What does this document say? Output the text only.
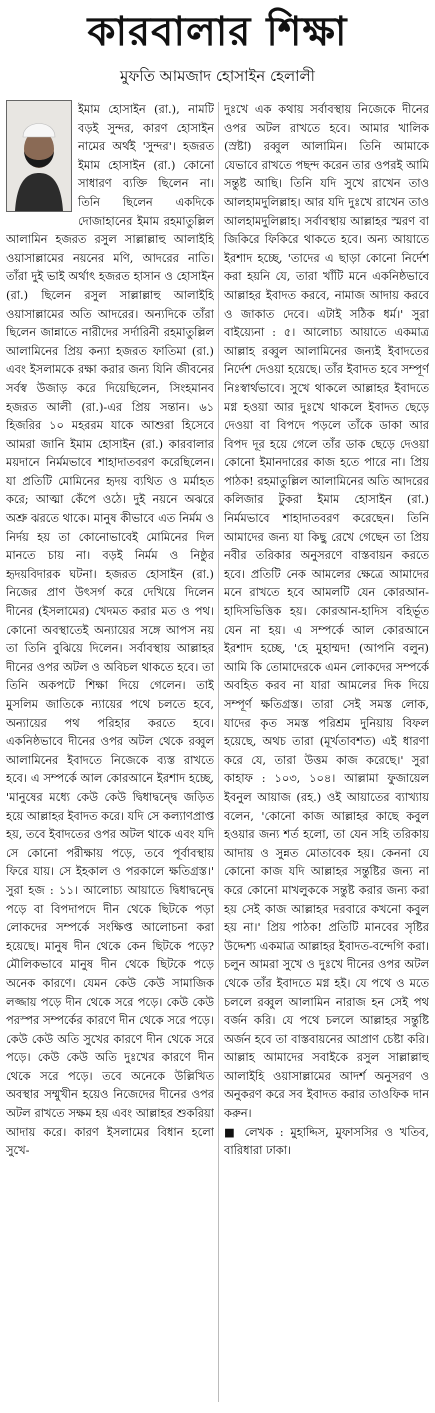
কারবালার শিক্ষা
মুফতি আমজাদ হোসাইন হেলালী

ইমাম হোসাইন (রা.), নামটি বড়ই সুন্দর, কারণ হোসাইন নামের অর্থই 'সুন্দর'। হজরত ইমাম হোসাইন (রা.) কোনো সাধারণ ব্যক্তি ছিলেন না। তিনি ছিলেন একদিকে দোজাহানের ইমাম রহমাতুল্লিল আলামিন হজরত রসুল সাল্লাল্লাহু আলাইহি ওয়াসাল্লামের নয়নের মণি, আদরের নাতি। তাঁরা দুই ভাই অর্থাৎ হজরত হাসান ও হোসাইন (রা.) ছিলেন রসুল সাল্লাল্লাহু আলাইহি ওয়াসাল্লামের অতি আদরের। অন্যদিকে তাঁরা ছিলেন জান্নাতে নারীদের সর্দারিনী রহমাতুল্লিল আলামিনের প্রিয় কন্যা হজরত ফাতিমা (রা.) এবং ইসলামকে রক্ষা করার জন্য যিনি জীবনের সর্বস্ব উজাড় করে দিয়েছিলেন, সিংহমানব হজরত আলী (রা.)-এর প্রিয় সন্তান। ৬১ হিজরির ১০ মহররম যাকে আশুরা হিসেবে আমরা জানি ইমাম হোসাইন (রা.) কারবালার ময়দানে নির্মমভাবে শাহাদাতবরণ করেছিলেন। যা প্রতিটি মোমিনের হৃদয় ব্যথিত ও মর্মাহত করে; আত্মা কেঁপে ওঠে। দুই নয়নে অঝরে অশ্রু ঝরতে থাকে। মানুষ কীভাবে এত নির্মম ও নির্দয় হয় তা কোনোভাবেই মোমিনের দিল মানতে চায় না। বড়ই নির্মম ও নিষ্ঠুর হৃদয়বিদারক ঘটনা। হজরত হোসাইন (রা.) নিজের প্রাণ উৎসর্গ করে দেখিয়ে দিলেন দীনের (ইসলামের) খেদমত করার মত ও পথ। কোনো অবস্থাতেই অন্যায়ের সঙ্গে আপস নয় তা তিনি বুঝিয়ে দিলেন। সর্বাবস্থায় আল্লাহর দীনের ওপর অটল ও অবিচল থাকতে হবে। তা তিনি অকপটে শিক্ষা দিয়ে গেলেন। তাই মুসলিম জাতিকে ন্যায়ের পথে চলতে হবে, অন্যায়ের পথ পরিহার করতে হবে। একনিষ্ঠভাবে দীনের ওপর অটল থেকে রব্বুল আলামিনের ইবাদতে নিজেকে ব্যস্ত রাখতে হবে। এ সম্পর্কে আল কোরআনে ইরশাদ হচ্ছে, 'মানুষের মধ্যে কেউ কেউ দ্বিধাদ্বন্দ্বে জড়িত হয়ে আল্লাহর ইবাদত করে। যদি সে কল্যাণপ্রাপ্ত হয়, তবে ইবাদতের ওপর অটল থাকে এবং যদি সে কোনো পরীক্ষায় পড়ে, তবে পূর্বাবস্থায় ফিরে যায়। সে ইহকাল ও পরকালে ক্ষতিগ্রস্ত।' সুরা হজ : ১১। আলোচ্য আয়াতে দ্বিধাদ্বন্দ্বে পড়ে বা বিপদাপদে দীন থেকে ছিটকে পড়া লোকদের সম্পর্কে সংক্ষিপ্ত আলোচনা করা হয়েছে। মানুষ দীন থেকে কেন ছিটকে পড়ে? মৌলিকভাবে মানুষ দীন থেকে ছিটকে পড়ে অনেক কারণে। যেমন কেউ কেউ সামাজিক লজ্জায় পড়ে দীন থেকে সরে পড়ে। কেউ কেউ পরস্পর সম্পর্কের কারণে দীন থেকে সরে পড়ে। কেউ কেউ অতি সুখের কারণে দীন থেকে সরে পড়ে। কেউ কেউ অতি দুঃখের কারণে দীন থেকে সরে পড়ে। তবে অনেকে উল্লিখিত অবস্থার সম্মুখীন হয়েও নিজেদের দীনের ওপর অটল রাখতে সক্ষম হয় এবং আল্লাহর শুকরিয়া আদায় করে। কারণ ইসলামের বিধান হলো সুখে-

দুঃখে এক কথায় সর্বাবস্থায় নিজেকে দীনের ওপর অটল রাখতে হবে। আমার খালিক (স্রষ্টা) রব্বুল আলামিন। তিনি আমাকে যেভাবে রাখতে পছন্দ করেন তার ওপরই আমি সন্তুষ্ট আছি। তিনি যদি সুখে রাখেন তাও আলহামদুলিল্লাহ। আর যদি দুঃখে রাখেন তাও আলহামদুলিল্লাহ। সর্বাবস্থায় আল্লাহর স্মরণ বা জিকিরে ফিকিরে থাকতে হবে। অন্য আয়াতে ইরশাদ হচ্ছে, 'তাদের এ ছাড়া কোনো নির্দেশ করা হয়নি যে, তারা খাঁটি মনে একনিষ্ঠভাবে আল্লাহর ইবাদত করবে, নামাজ আদায় করবে ও জাকাত দেবে। এটাই সঠিক ধর্ম।' সুরা বাইয়্যেনা : ৫। আলোচ্য আয়াতে একমাত্র আল্লাহ রব্বুল আলামিনের জন্যই ইবাদতের নির্দেশ দেওয়া হয়েছে। তাঁর ইবাদত হবে সম্পূর্ণ নিঃস্বার্থভাবে। সুখে থাকলে আল্লাহর ইবাদতে মগ্ন হওয়া আর দুঃখে থাকলে ইবাদত ছেড়ে দেওয়া বা বিপদে পড়লে তাঁকে ডাকা আর বিপদ দূর হয়ে গেলে তাঁর ডাক ছেড়ে দেওয়া কোনো ইমানদারের কাজ হতে পারে না। প্রিয় পাঠক! রহমাতুল্লিল আলামিনের অতি আদরের কলিজার টুকরা ইমাম হোসাইন (রা.) নির্মমভাবে শাহাদাতবরণ করেছেন। তিনি আমাদের জন্য যা কিছু রেখে গেছেন তা প্রিয় নবীর তরিকার অনুসরণে বাস্তবায়ন করতে হবে। প্রতিটি নেক আমলের ক্ষেত্রে আমাদের মনে রাখতে হবে আমলটি যেন কোরআন-হাদিসভিত্তিক হয়। কোরআন-হাদিস বহির্ভূত যেন না হয়। এ সম্পর্কে আল কোরআনে ইরশাদ হচ্ছে, 'হে মুহাম্মদ! (আপনি বলুন) আমি কি তোমাদেরকে এমন লোকদের সম্পর্কে অবহিত করব না যারা আমলের দিক দিয়ে সম্পূর্ণ ক্ষতিগ্রস্ত। তারা সেই সমস্ত লোক, যাদের কৃত সমস্ত পরিশ্রম দুনিয়ায় বিফল হয়েছে, অথচ তারা (মূর্খতাবশত) এই ধারণা করে যে, তারা উত্তম কাজ করেছে।' সুরা কাহাফ : ১০৩, ১০৪। আল্লামা ফুজায়েল ইবনুল আয়াজ (রহ.) ওই আয়াতের ব্যাখ্যায় বলেন, 'কোনো কাজ আল্লাহর কাছে কবুল হওয়ার জন্য শর্ত হলো, তা যেন সহি তরিকায় আদায় ও সুন্নত মোতাবেক হয়। কেননা যে কোনো কাজ যদি আল্লাহর সন্তুষ্টির জন্য না করে কোনো মাখলুককে সন্তুষ্ট করার জন্য করা হয় সেই কাজ আল্লাহর দরবারে কখনো কবুল হয় না।' প্রিয় পাঠক! প্রতিটি মানবের সৃষ্টির উদ্দেশ্য একমাত্র আল্লাহর ইবাদত-বন্দেগি করা। চলুন আমরা সুখে ও দুঃখে দীনের ওপর অটল থেকে তাঁর ইবাদতে মগ্ন হই। যে পথে ও মতে চললে রব্বুল আলামিন নারাজ হন সেই পথ বর্জন করি। যে পথে চললে আল্লাহর সন্তুষ্টি অর্জন হবে তা বাস্তবায়নের আপ্রাণ চেষ্টা করি। আল্লাহ আমাদের সবাইকে রসুল সাল্লাল্লাহু আলাইহি ওয়াসাল্লামের আদর্শ অনুসরণ ও অনুকরণ করে সব ইবাদত করার তাওফিক দান করুন।

■ লেখক : মুহাদ্দিস, মুফাসসির ও খতিব, বারিধারা ঢাকা।
